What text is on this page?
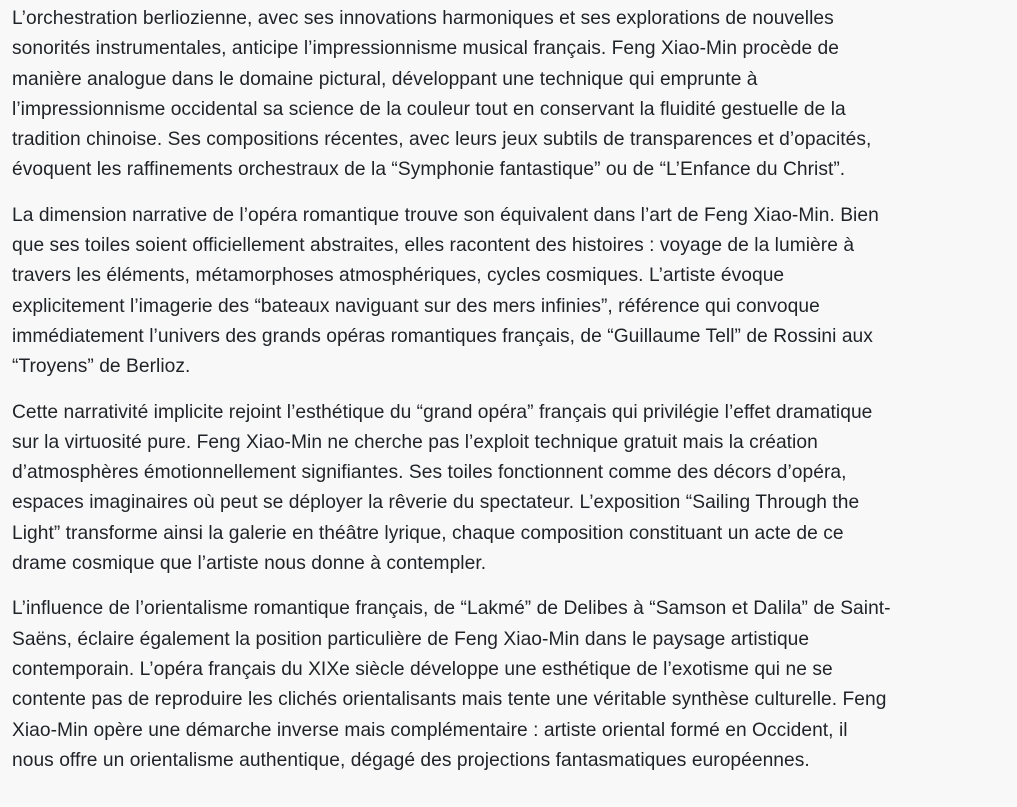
L’orchestration berliozienne, avec ses innovations harmoniques et ses explorations de nouvelles
sonorités instrumentales, anticipe l’impressionnisme musical français. Feng Xiao-Min procède de
manière analogue dans le domaine pictural, développant une technique qui emprunte à
l’impressionnisme occidental sa science de la couleur tout en conservant la fluidité gestuelle de la
tradition chinoise. Ses compositions récentes, avec leurs jeux subtils de transparences et d’opacités,
évoquent les raffinements orchestraux de la “Symphonie fantastique” ou de “L’Enfance du Christ”.

La dimension narrative de l’opéra romantique trouve son équivalent dans l’art de Feng Xiao-Min. Bien
que ses toiles soient officiellement abstraites, elles racontent des histoires : voyage de la lumière à
travers les éléments, métamorphoses atmosphériques, cycles cosmiques. L’artiste évoque
explicitement l’imagerie des “bateaux naviguant sur des mers infinies”, référence qui convoque
immédiatement l’univers des grands opéras romantiques français, de “Guillaume Tell” de Rossini aux
“Troyens” de Berlioz.

Cette narrativité implicite rejoint l’esthétique du “grand opéra” français qui privilégie l’effet dramatique
sur la virtuosité pure. Feng Xiao-Min ne cherche pas l’exploit technique gratuit mais la création
d’atmosphères émotionnellement signifiantes. Ses toiles fonctionnent comme des décors d’opéra,
espaces imaginaires où peut se déployer la rêverie du spectateur. L’exposition “Sailing Through the
Light” transforme ainsi la galerie en théâtre lyrique, chaque composition constituant un acte de ce
drame cosmique que l’artiste nous donne à contempler.

L’influence de l’orientalisme romantique français, de “Lakmé” de Delibes à “Samson et Dalila” de Saint-
Saëns, éclaire également la position particulière de Feng Xiao-Min dans le paysage artistique
contemporain. L’opéra français du XIXe siècle développe une esthétique de l’exotisme qui ne se
contente pas de reproduire les clichés orientalisants mais tente une véritable synthèse culturelle. Feng
Xiao-Min opère une démarche inverse mais complémentaire : artiste oriental formé en Occident, il
nous offre un orientalisme authentique, dégagé des projections fantasmatiques européennes.
